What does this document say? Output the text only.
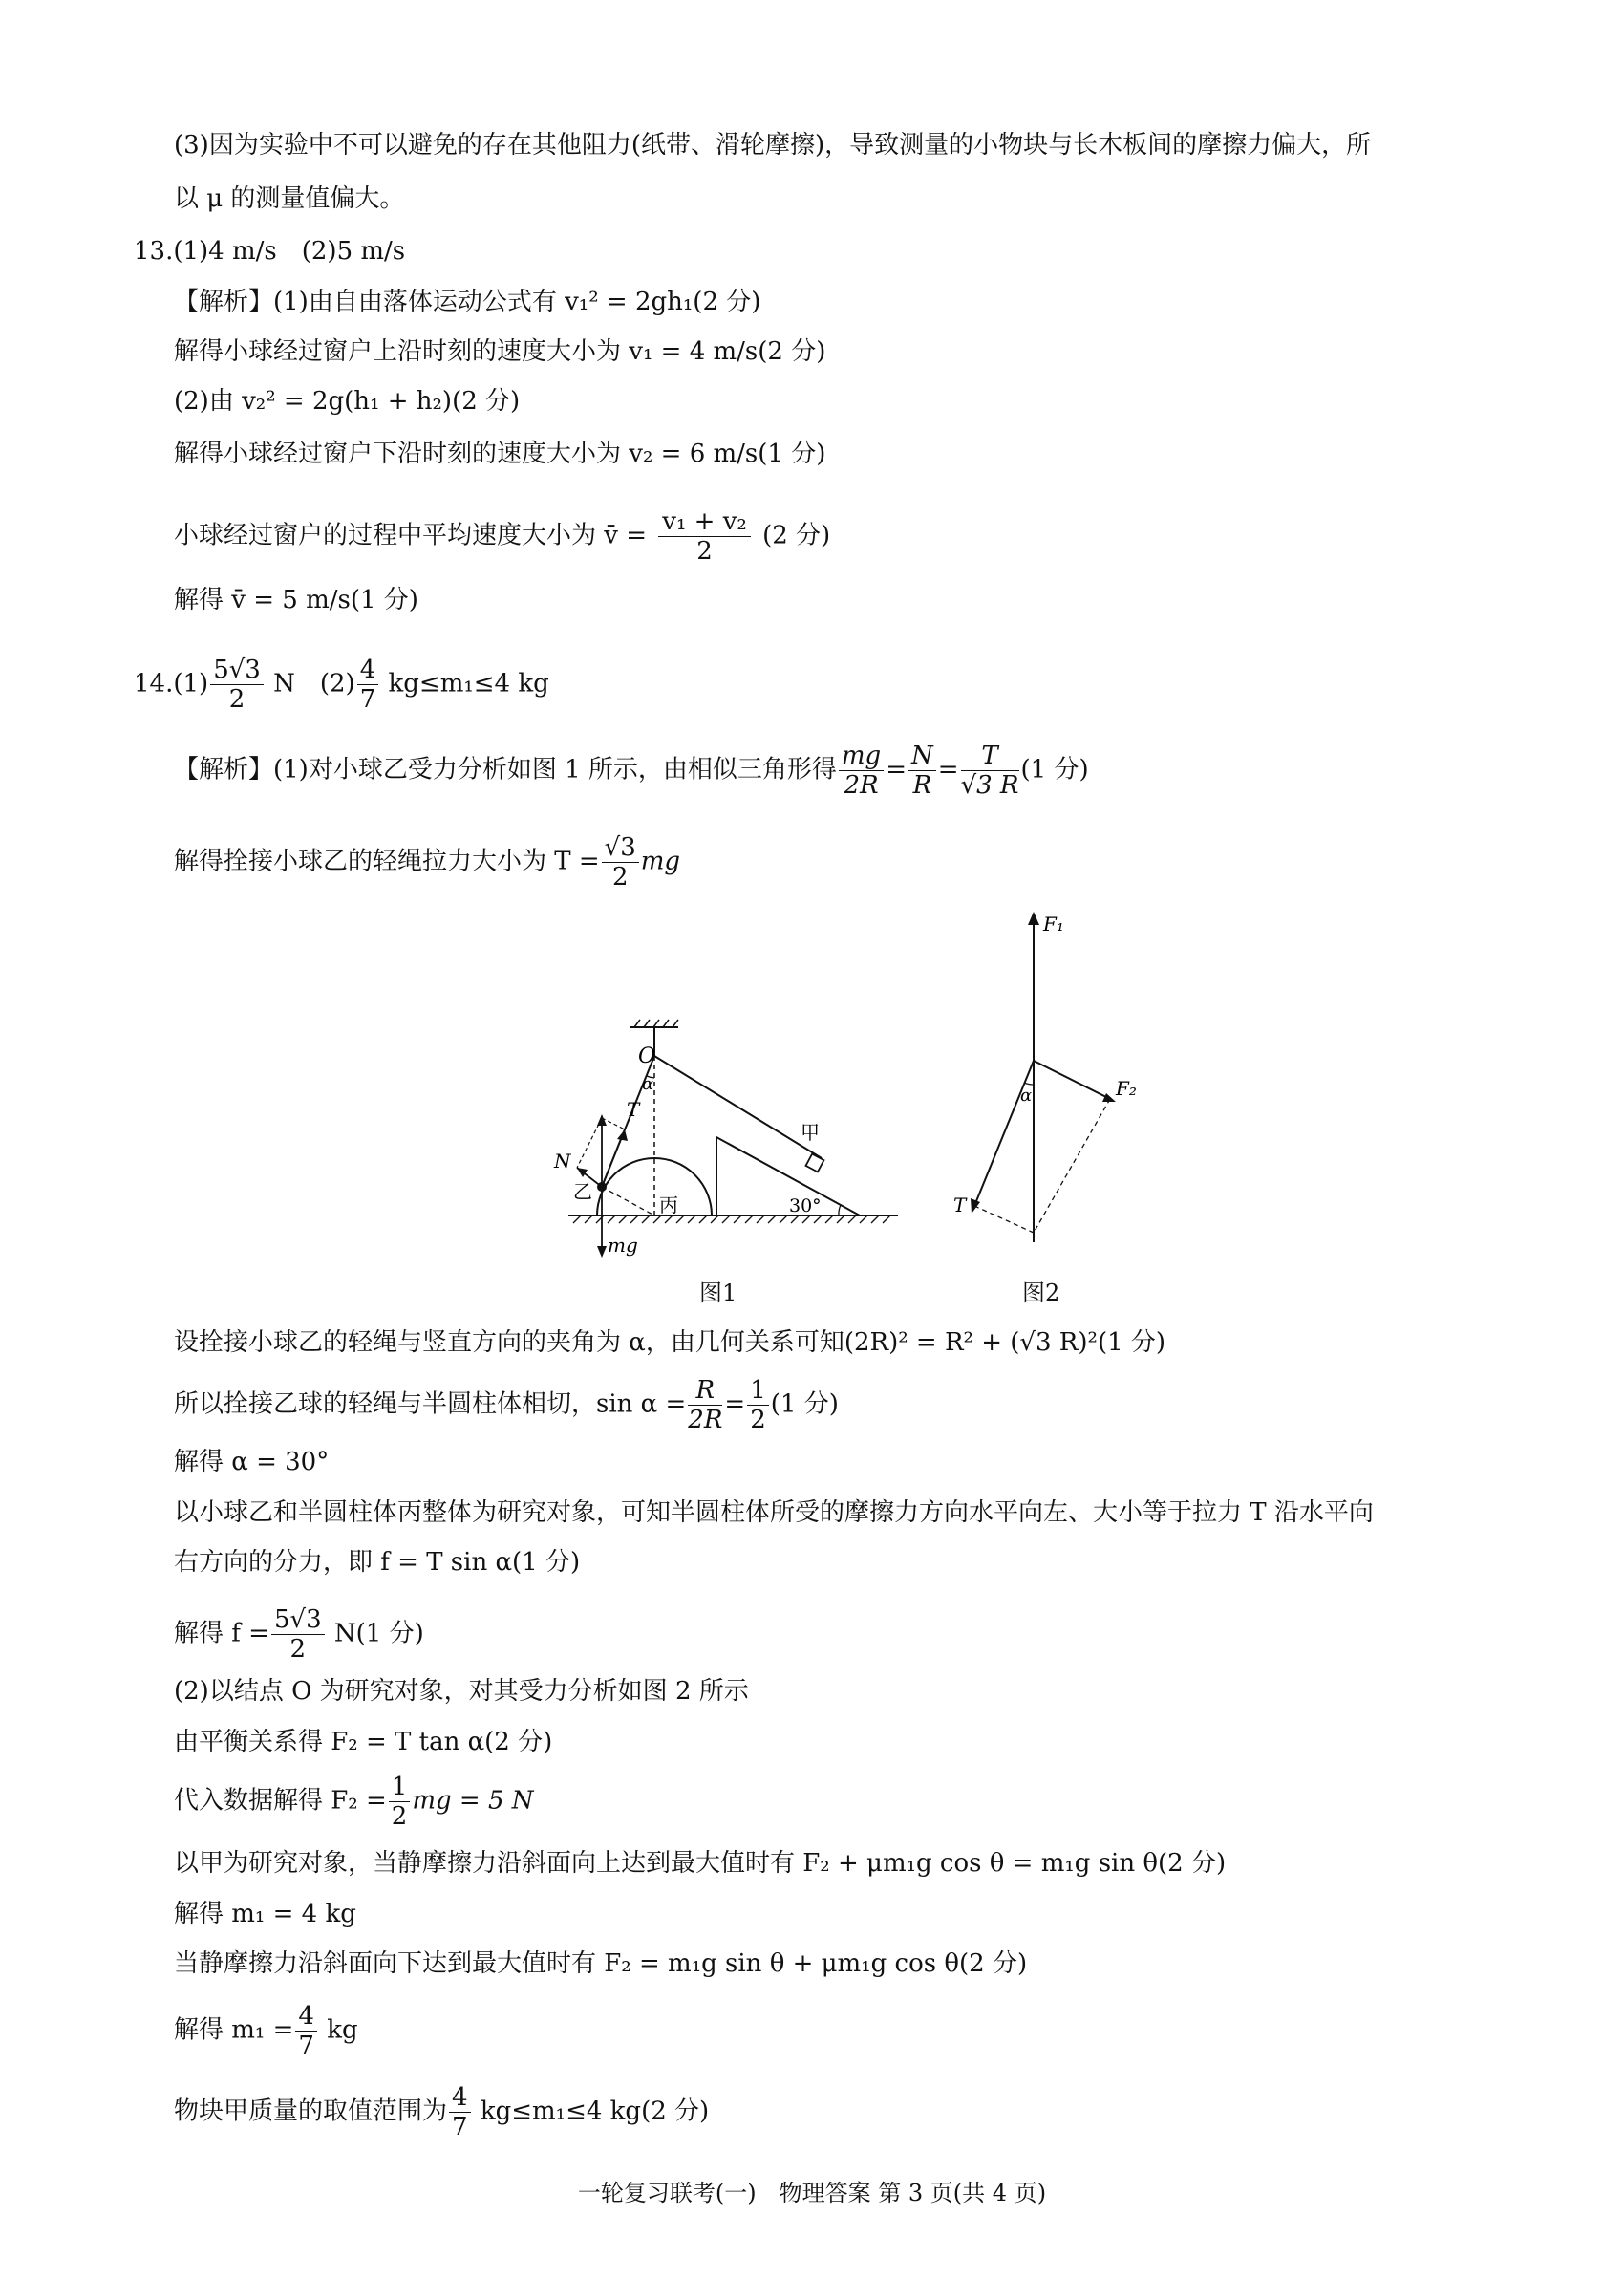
(3)因为实验中不可以避免的存在其他阻力(纸带、滑轮摩擦)，导致测量的小物块与长木板间的摩擦力偏大，所
以 μ 的测量值偏大。
13.(1)4 m/s　(2)5 m/s
【解析】(1)由自由落体运动公式有 v₁² = 2gh₁(2 分)
解得小球经过窗户上沿时刻的速度大小为 v₁ = 4 m/s(2 分)
(2)由 v₂² = 2g(h₁ + h₂)(2 分)
解得小球经过窗户下沿时刻的速度大小为 v₂ = 6 m/s(1 分)
小球经过窗户的过程中平均速度大小为 v̄ = $\frac{\text{v₁ + v₂}}{2} (2$ 分)
解得 v̄ = 5 m/s(1 分)
$14.(1) \frac{5√3}{2}$ N　$(2) \frac{4}{7} kg\le m_1\le 4$ kg
【解析】(1)对小球乙受力分析如图 1 所示，由相似三角形得 $\frac{mg}{2R} = \frac{N}{R} = \frac{T}{√3 R} (1$ 分)
解得拴接小球乙的轻绳拉力大小为 $T = \frac{√3}{2}$ mg
O
α
T
N
乙
丙
甲
30°
mg
图1
F₁
F₂
T
α
图2
设拴接小球乙的轻绳与竖直方向的夹角为 α，由几何关系可知(2R)² = R² + (√3 R)²(1 分)
所以拴接乙球的轻绳与半圆柱体相切，$\sin \alpha = \frac{R}{2R} = \frac{1}{2} (1$ 分)
解得 α = 30°
以小球乙和半圆柱体丙整体为研究对象，可知半圆柱体所受的摩擦力方向水平向左、大小等于拉力 T 沿水平向
右方向的分力，即 f = T sin α(1 分)
解得 $f = \frac{5√3}{2} N(1$ 分)
(2)以结点 O 为研究对象，对其受力分析如图 2 所示
由平衡关系得 F₂ = T tan α(2 分)
代入数据解得 $F_2 = \frac{1}{2}$ mg = 5 N
以甲为研究对象，当静摩擦力沿斜面向上达到最大值时有 F₂ + μm₁g cos θ = m₁g sin θ(2 分)
解得 m₁ = 4 kg
当静摩擦力沿斜面向下达到最大值时有 F₂ = m₁g sin θ + μm₁g cos θ(2 分)
解得 $m_1 = \frac{4}{7}$ kg
物块甲质量的取值范围为 $\frac{4}{7} kg\le m_1\le 4$ kg(2 分)
一轮复习联考(一)　物理答案 第 3 页(共 4 页)
